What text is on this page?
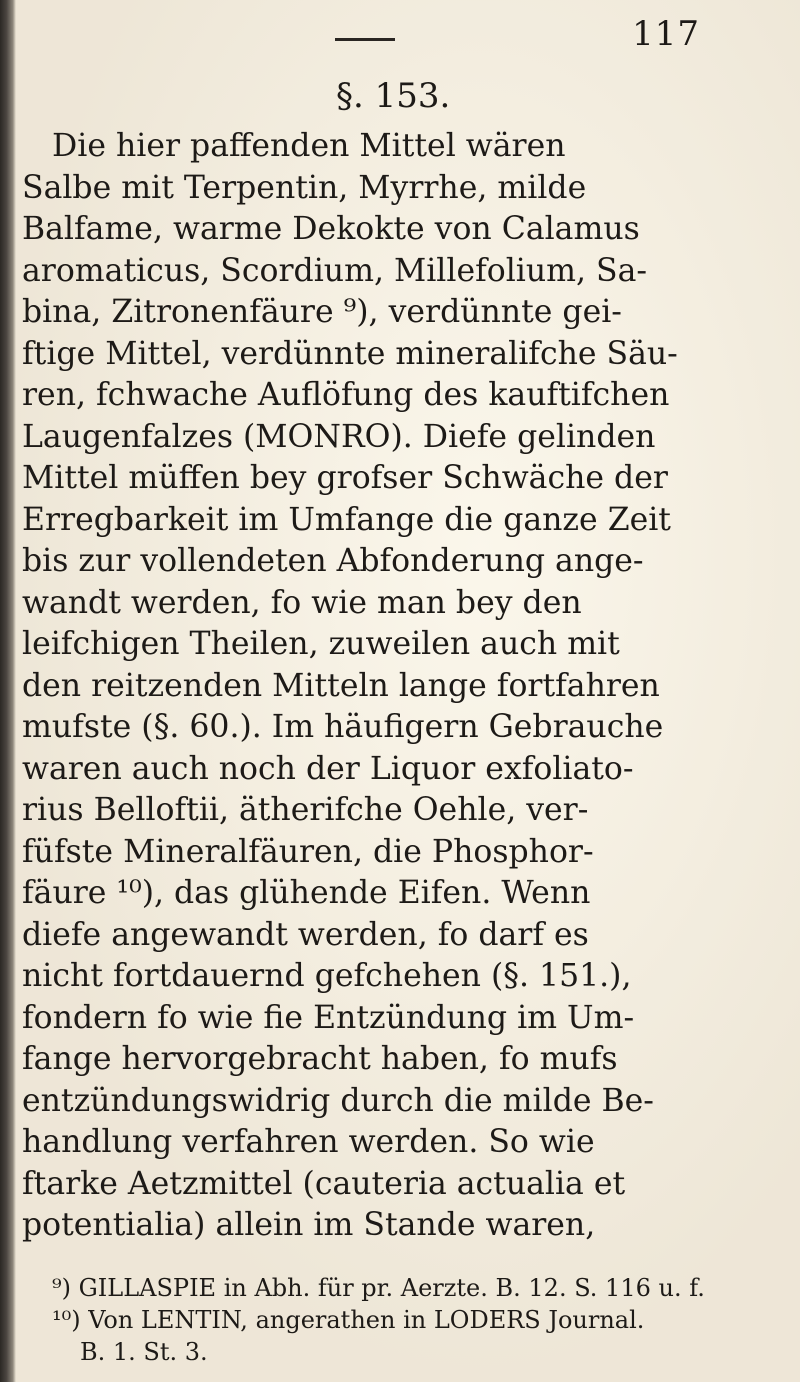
117
§. 153.
Die hier paffenden Mittel wären
Salbe mit Terpentin, Myrrhe, milde
Balfame, warme Dekokte von Calamus
aromaticus, Scordium, Millefolium, Sa-
bina, Zitronenfäure ⁹), verdünnte gei-
ftige Mittel, verdünnte mineralifche Säu-
ren, fchwache Auflöfung des kauftifchen
Laugenfalzes (MONRO). Diefe gelinden
Mittel müffen bey grofser Schwäche der
Erregbarkeit im Umfange die ganze Zeit
bis zur vollendeten Abfonderung ange-
wandt werden, fo wie man bey den
leifchigen Theilen, zuweilen auch mit
den reitzenden Mitteln lange fortfahren
mufste (§. 60.). Im häufigern Gebrauche
waren auch noch der Liquor exfoliato-
rius Belloftii, ätherifche Oehle, ver-
füfste Mineralfäuren, die Phosphor-
fäure ¹⁰), das glühende Eifen. Wenn
diefe angewandt werden, fo darf es
nicht fortdauernd gefchehen (§. 151.),
fondern fo wie fie Entzündung im Um-
fange hervorgebracht haben, fo mufs
entzündungswidrig durch die milde Be-
handlung verfahren werden. So wie
ftarke Aetzmittel (cauteria actualia et
potentialia) allein im Stande waren,
⁹) GILLASPIE in Abh. für pr. Aerzte. B. 12. S. 116 u. f.
¹⁰) Von LENTIN, angerathen in LODERS Journal.
B. 1. St. 3.
